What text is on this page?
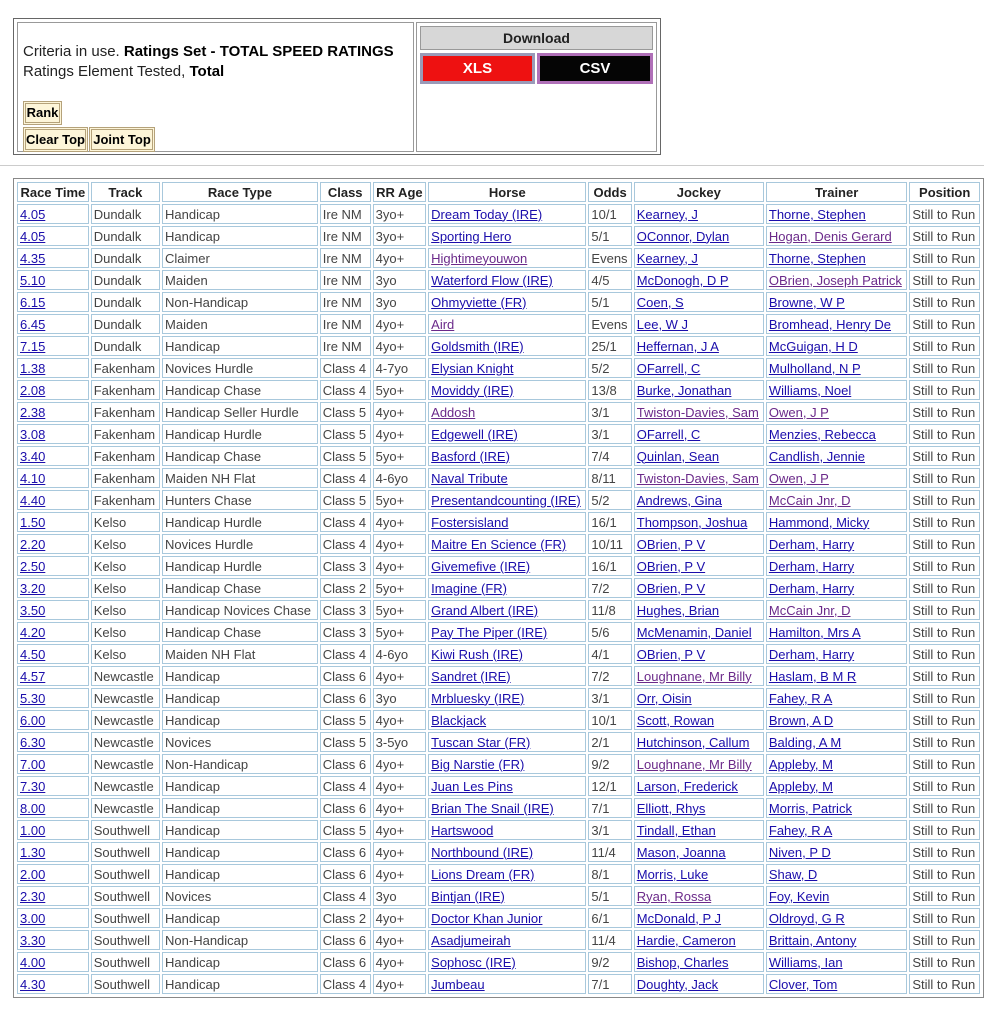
Criteria in use. Ratings Set - TOTAL SPEED RATINGS
Ratings Element Tested, Total
Rank
Clear Top Joint Top
Download
XLS	CSV
Race Time	Track	Race Type	Class	RR Age	Horse	Odds	Jockey	Trainer	Position
4.05	Dundalk	Handicap	Ire NM	3yo+	Dream Today (IRE)	10/1	Kearney, J	Thorne, Stephen	Still to Run
4.05	Dundalk	Handicap	Ire NM	3yo+	Sporting Hero	5/1	OConnor, Dylan	Hogan, Denis Gerard	Still to Run
4.35	Dundalk	Claimer	Ire NM	4yo+	Hightimeyouwon	Evens	Kearney, J	Thorne, Stephen	Still to Run
5.10	Dundalk	Maiden	Ire NM	3yo	Waterford Flow (IRE)	4/5	McDonogh, D P	OBrien, Joseph Patrick	Still to Run
6.15	Dundalk	Non-Handicap	Ire NM	3yo	Ohmyviette (FR)	5/1	Coen, S	Browne, W P	Still to Run
6.45	Dundalk	Maiden	Ire NM	4yo+	Aird	Evens	Lee, W J	Bromhead, Henry De	Still to Run
7.15	Dundalk	Handicap	Ire NM	4yo+	Goldsmith (IRE)	25/1	Heffernan, J A	McGuigan, H D	Still to Run
1.38	Fakenham	Novices Hurdle	Class 4	4-7yo	Elysian Knight	5/2	OFarrell, C	Mulholland, N P	Still to Run
2.08	Fakenham	Handicap Chase	Class 4	5yo+	Moviddy (IRE)	13/8	Burke, Jonathan	Williams, Noel	Still to Run
2.38	Fakenham	Handicap Seller Hurdle	Class 5	4yo+	Addosh	3/1	Twiston-Davies, Sam	Owen, J P	Still to Run
3.08	Fakenham	Handicap Hurdle	Class 5	4yo+	Edgewell (IRE)	3/1	OFarrell, C	Menzies, Rebecca	Still to Run
3.40	Fakenham	Handicap Chase	Class 5	5yo+	Basford (IRE)	7/4	Quinlan, Sean	Candlish, Jennie	Still to Run
4.10	Fakenham	Maiden NH Flat	Class 4	4-6yo	Naval Tribute	8/11	Twiston-Davies, Sam	Owen, J P	Still to Run
4.40	Fakenham	Hunters Chase	Class 5	5yo+	Presentandcounting (IRE)	5/2	Andrews, Gina	McCain Jnr, D	Still to Run
1.50	Kelso	Handicap Hurdle	Class 4	4yo+	Fostersisland	16/1	Thompson, Joshua	Hammond, Micky	Still to Run
2.20	Kelso	Novices Hurdle	Class 4	4yo+	Maitre En Science (FR)	10/11	OBrien, P V	Derham, Harry	Still to Run
2.50	Kelso	Handicap Hurdle	Class 3	4yo+	Givemefive (IRE)	16/1	OBrien, P V	Derham, Harry	Still to Run
3.20	Kelso	Handicap Chase	Class 2	5yo+	Imagine (FR)	7/2	OBrien, P V	Derham, Harry	Still to Run
3.50	Kelso	Handicap Novices Chase	Class 3	5yo+	Grand Albert (IRE)	11/8	Hughes, Brian	McCain Jnr, D	Still to Run
4.20	Kelso	Handicap Chase	Class 3	5yo+	Pay The Piper (IRE)	5/6	McMenamin, Daniel	Hamilton, Mrs A	Still to Run
4.50	Kelso	Maiden NH Flat	Class 4	4-6yo	Kiwi Rush (IRE)	4/1	OBrien, P V	Derham, Harry	Still to Run
4.57	Newcastle	Handicap	Class 6	4yo+	Sandret (IRE)	7/2	Loughnane, Mr Billy	Haslam, B M R	Still to Run
5.30	Newcastle	Handicap	Class 6	3yo	Mrbluesky (IRE)	3/1	Orr, Oisin	Fahey, R A	Still to Run
6.00	Newcastle	Handicap	Class 5	4yo+	Blackjack	10/1	Scott, Rowan	Brown, A D	Still to Run
6.30	Newcastle	Novices	Class 5	3-5yo	Tuscan Star (FR)	2/1	Hutchinson, Callum	Balding, A M	Still to Run
7.00	Newcastle	Non-Handicap	Class 6	4yo+	Big Narstie (FR)	9/2	Loughnane, Mr Billy	Appleby, M	Still to Run
7.30	Newcastle	Handicap	Class 4	4yo+	Juan Les Pins	12/1	Larson, Frederick	Appleby, M	Still to Run
8.00	Newcastle	Handicap	Class 6	4yo+	Brian The Snail (IRE)	7/1	Elliott, Rhys	Morris, Patrick	Still to Run
1.00	Southwell	Handicap	Class 5	4yo+	Hartswood	3/1	Tindall, Ethan	Fahey, R A	Still to Run
1.30	Southwell	Handicap	Class 6	4yo+	Northbound (IRE)	11/4	Mason, Joanna	Niven, P D	Still to Run
2.00	Southwell	Handicap	Class 6	4yo+	Lions Dream (FR)	8/1	Morris, Luke	Shaw, D	Still to Run
2.30	Southwell	Novices	Class 4	3yo	Bintjan (IRE)	5/1	Ryan, Rossa	Foy, Kevin	Still to Run
3.00	Southwell	Handicap	Class 2	4yo+	Doctor Khan Junior	6/1	McDonald, P J	Oldroyd, G R	Still to Run
3.30	Southwell	Non-Handicap	Class 6	4yo+	Asadjumeirah	11/4	Hardie, Cameron	Brittain, Antony	Still to Run
4.00	Southwell	Handicap	Class 6	4yo+	Sophosc (IRE)	9/2	Bishop, Charles	Williams, Ian	Still to Run
4.30	Southwell	Handicap	Class 4	4yo+	Jumbeau	7/1	Doughty, Jack	Clover, Tom	Still to Run
